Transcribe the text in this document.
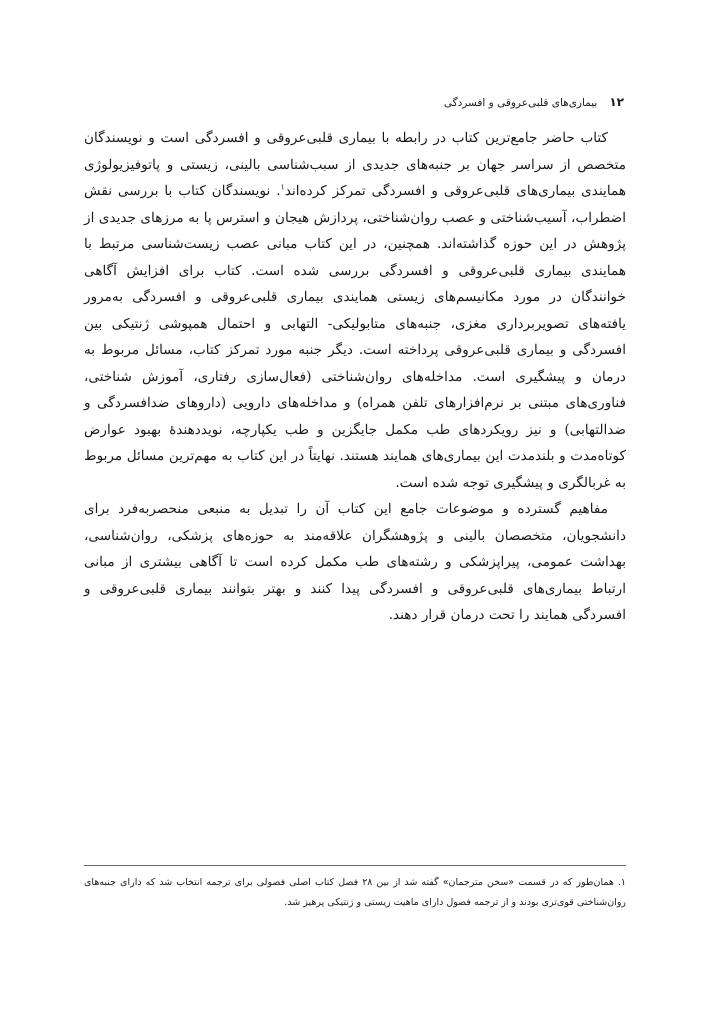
۱۲
بیماری‌های قلبی‌عروقی و افسردگی

کتاب حاضر جامع‌ترین کتاب در رابطه با بیماری قلبی‌عروقی و افسردگی است و نویسندگان متخصص از سراسر جهان بر جنبه‌های جدیدی از سبب‌شناسی بالینی، زیستی و پاتوفیزیولوژی همایندی بیماری‌های قلبی‌عروقی و افسردگی تمرکز کرده‌اند$^۱$. نویسندگان کتاب با بررسی نقش اضطراب، آسیب‌شناختی و عصب روان‌شناختی، پردازش هیجان و استرس پا به مرزهای جدیدی از پژوهش در این حوزه گذاشته‌اند. همچنین، در این کتاب مبانی عصب زیست‌شناسی مرتبط با همایندی بیماری قلبی‌عروقی و افسردگی بررسی شده است. کتاب برای افزایش آگاهی خوانندگان در مورد مکانیسم‌های زیستی همایندی بیماری قلبی‌عروقی و افسردگی به‌مرور یافته‌های تصویربرداری مغزی، جنبه‌های متابولیکی- التهابی و احتمال همپوشی ژنتیکی بین افسردگی و بیماری قلبی‌عروقی پرداخته است. دیگر جنبه مورد تمرکز کتاب، مسائل مربوط به درمان و پیشگیری است. مداخله‌های روان‌شناختی (فعال‌سازی رفتاری، آموزش شناختی، فناوری‌های مبتنی بر نرم‌افزارهای تلفن همراه) و مداخله‌های دارویی (داروهای ضدافسردگی و ضدالتهابی) و نیز رویکردهای طب مکمل جایگزین و طب یکپارچه، نویددهندهٔ بهبود عوارض کوتاه‌مدت و بلندمدت این بیماری‌های همایند هستند. نهایتاً در این کتاب به مهم‌ترین مسائل مربوط به غربالگری و پیشگیری توجه شده است.

مفاهیم گسترده و موضوعات جامع این کتاب آن را تبدیل به منبعی منحصربه‌فرد برای دانشجویان، متخصصان بالینی و پژوهشگران علاقه‌مند به حوزه‌های پزشکی، روان‌شناسی، بهداشت عمومی، پیراپزشکی و رشته‌های طب مکمل کرده است تا آگاهی بیشتری از مبانی ارتباط بیماری‌های قلبی‌عروقی و افسردگی پیدا کنند و بهتر بتوانند بیماری قلبی‌عروقی و افسردگی همایند را تحت درمان قرار دهند.

۱. همان‌طور که در قسمت «سخن مترجمان» گفته شد از بین ۲۸ فصل کتاب اصلی فصولی برای ترجمه انتخاب شد که دارای جنبه‌های روان‌شناختی قوی‌تری بودند و از ترجمه فصول دارای ماهیت زیستی و ژنتیکی پرهیز شد.
